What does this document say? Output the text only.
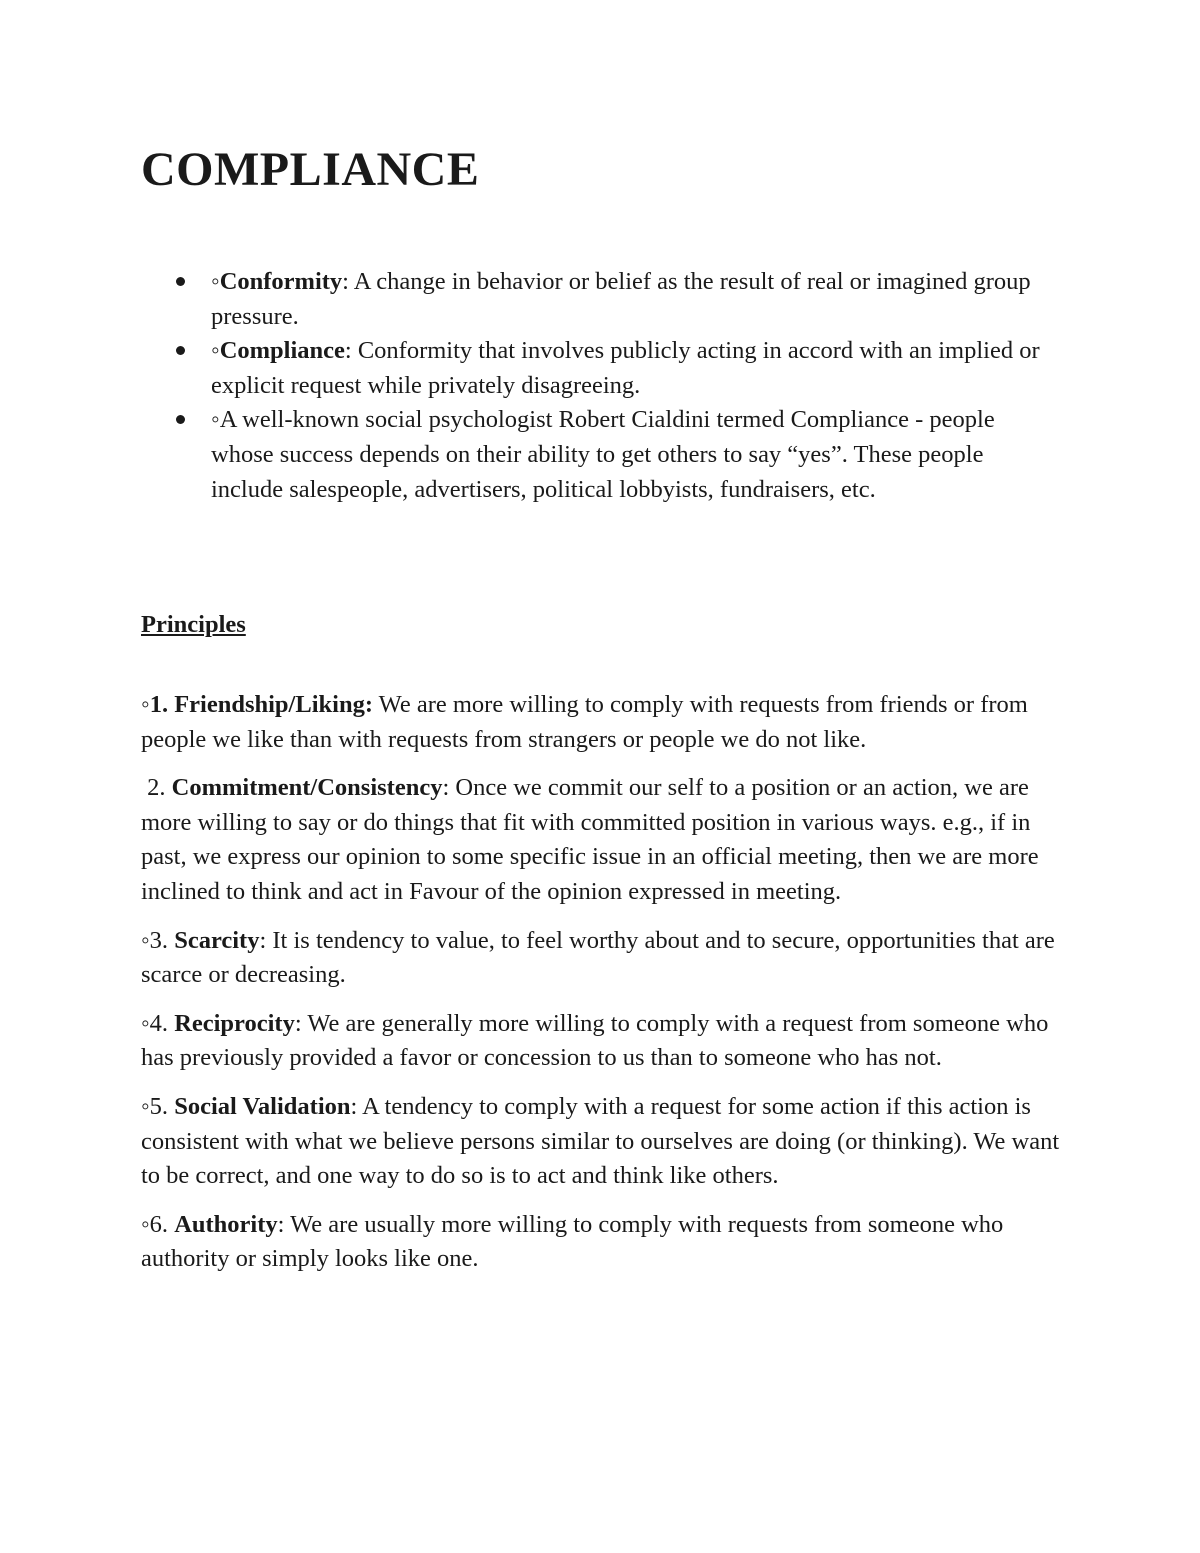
COMPLIANCE
◦Conformity: A change in behavior or belief as the result of real or imagined group pressure.
◦Compliance: Conformity that involves publicly acting in accord with an implied or explicit request while privately disagreeing.
◦A well-known social psychologist Robert Cialdini termed Compliance - people whose success depends on their ability to get others to say “yes”. These people include salespeople, advertisers, political lobbyists, fundraisers, etc.
Principles

◦1. Friendship/Liking: We are more willing to comply with requests from friends or from people we like than with requests from strangers or people we do not like.

2. Commitment/Consistency: Once we commit our self to a position or an action, we are more willing to say or do things that fit with committed position in various ways. e.g., if in past, we express our opinion to some specific issue in an official meeting, then we are more inclined to think and act in Favour of the opinion expressed in meeting.

◦3. Scarcity: It is tendency to value, to feel worthy about and to secure, opportunities that are scarce or decreasing.

◦4. Reciprocity: We are generally more willing to comply with a request from someone who has previously provided a favor or concession to us than to someone who has not.

◦5. Social Validation: A tendency to comply with a request for some action if this action is consistent with what we believe persons similar to ourselves are doing (or thinking). We want to be correct, and one way to do so is to act and think like others.

◦6. Authority: We are usually more willing to comply with requests from someone who authority or simply looks like one.
